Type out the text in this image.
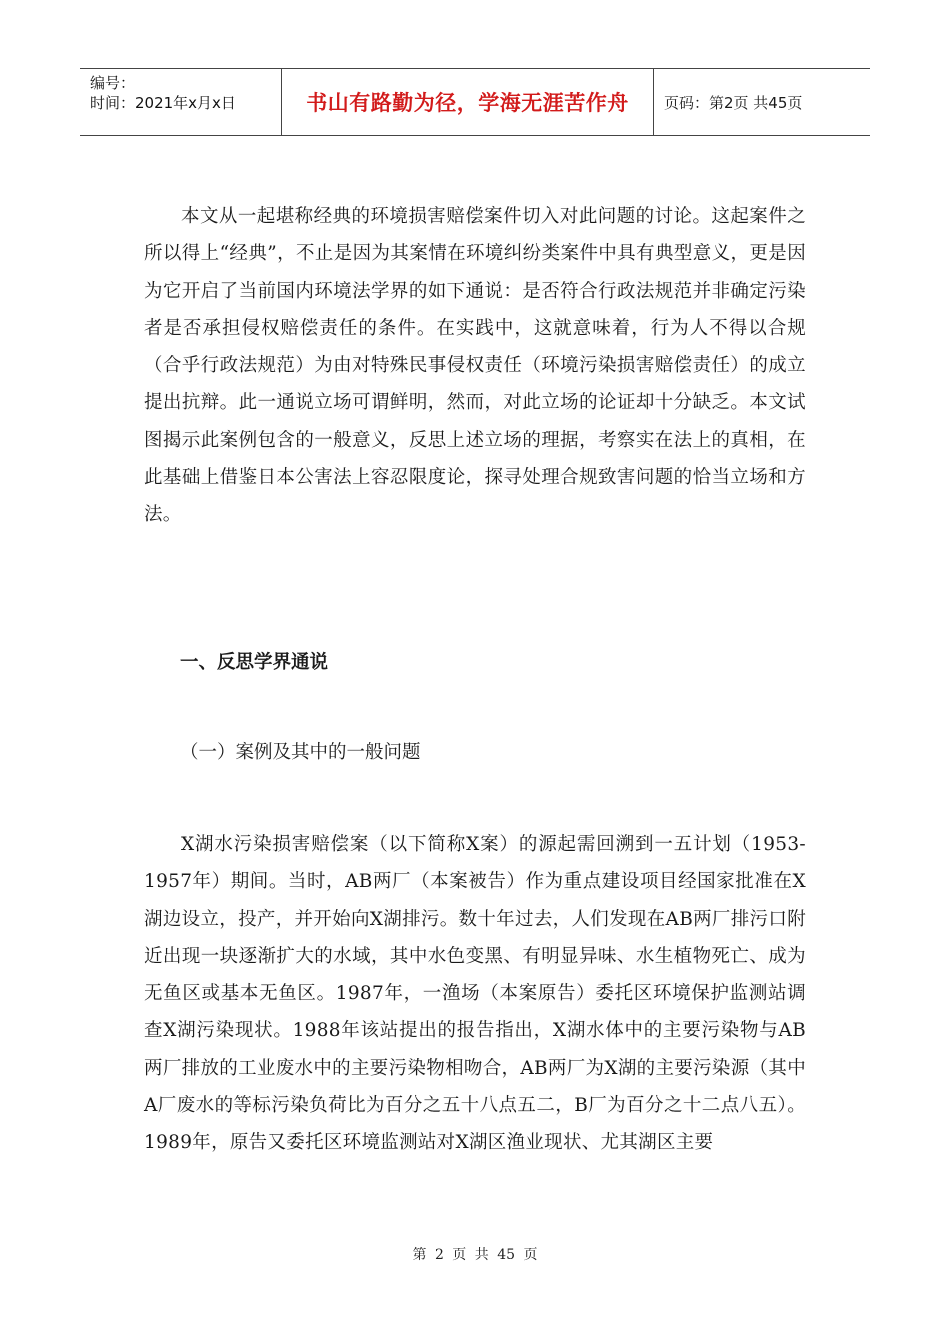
编号：
时间：2021年x月x日	书山有路勤为径，学海无涯苦作舟	页码：第2页 共45页

本文从一起堪称经典的环境损害赔偿案件切入对此问题的讨论。这起案件之所以得上“经典”，不止是因为其案情在环境纠纷类案件中具有典型意义，更是因为它开启了当前国内环境法学界的如下通说：是否符合行政法规范并非确定污染者是否承担侵权赔偿责任的条件。在实践中，这就意味着，行为人不得以合规（合乎行政法规范）为由对特殊民事侵权责任（环境污染损害赔偿责任）的成立提出抗辩。此一通说立场可谓鲜明，然而，对此立场的论证却十分缺乏。本文试图揭示此案例包含的一般意义，反思上述立场的理据，考察实在法上的真相，在此基础上借鉴日本公害法上容忍限度论，探寻处理合规致害问题的恰当立场和方法。

一、反思学界通说
（一）案例及其中的一般问题

X湖水污染损害赔偿案（以下简称X案）的源起需回溯到一五计划（1953-1957年）期间。当时，AB两厂（本案被告）作为重点建设项目经国家批准在X湖边设立，投产，并开始向X湖排污。数十年过去，人们发现在AB两厂排污口附近出现一块逐渐扩大的水域，其中水色变黑、有明显异味、水生植物死亡、成为无鱼区或基本无鱼区。1987年，一渔场（本案原告）委托区环境保护监测站调查X湖污染现状。1988年该站提出的报告指出，X湖水体中的主要污染物与AB两厂排放的工业废水中的主要污染物相吻合，AB两厂为X湖的主要污染源（其中A厂废水的等标污染负荷比为百分之五十八点五二，B厂为百分之十二点八五）。1989年，原告又委托区环境监测站对X湖区渔业现状、尤其湖区主要

第 2 页 共 45 页
